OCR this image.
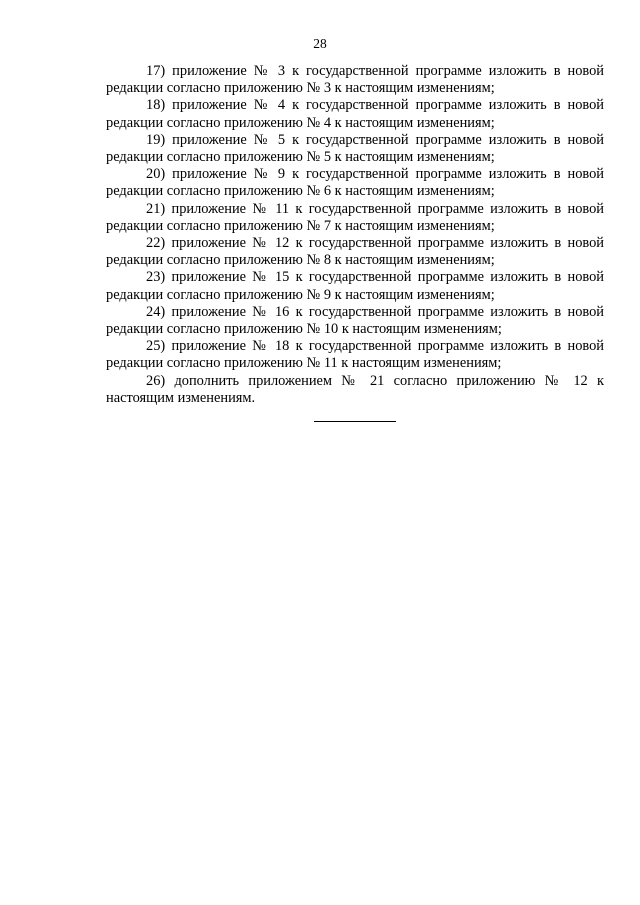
28

17) приложение № 3 к государственной программе изложить в новой редакции согласно приложению № 3 к настоящим изменениям;

18) приложение № 4 к государственной программе изложить в новой редакции согласно приложению № 4 к настоящим изменениям;

19) приложение № 5 к государственной программе изложить в новой редакции согласно приложению № 5 к настоящим изменениям;

20) приложение № 9 к государственной программе изложить в новой редакции согласно приложению № 6 к настоящим изменениям;

21) приложение № 11 к государственной программе изложить в новой редакции согласно приложению № 7 к настоящим изменениям;

22) приложение № 12 к государственной программе изложить в новой редакции согласно приложению № 8 к настоящим изменениям;

23) приложение № 15 к государственной программе изложить в новой редакции согласно приложению № 9 к настоящим изменениям;

24) приложение № 16 к государственной программе изложить в новой редакции согласно приложению № 10 к настоящим изменениям;

25) приложение № 18 к государственной программе изложить в новой редакции согласно приложению № 11 к настоящим изменениям;

26) дополнить приложением № 21 согласно приложению № 12 к настоящим изменениям.
